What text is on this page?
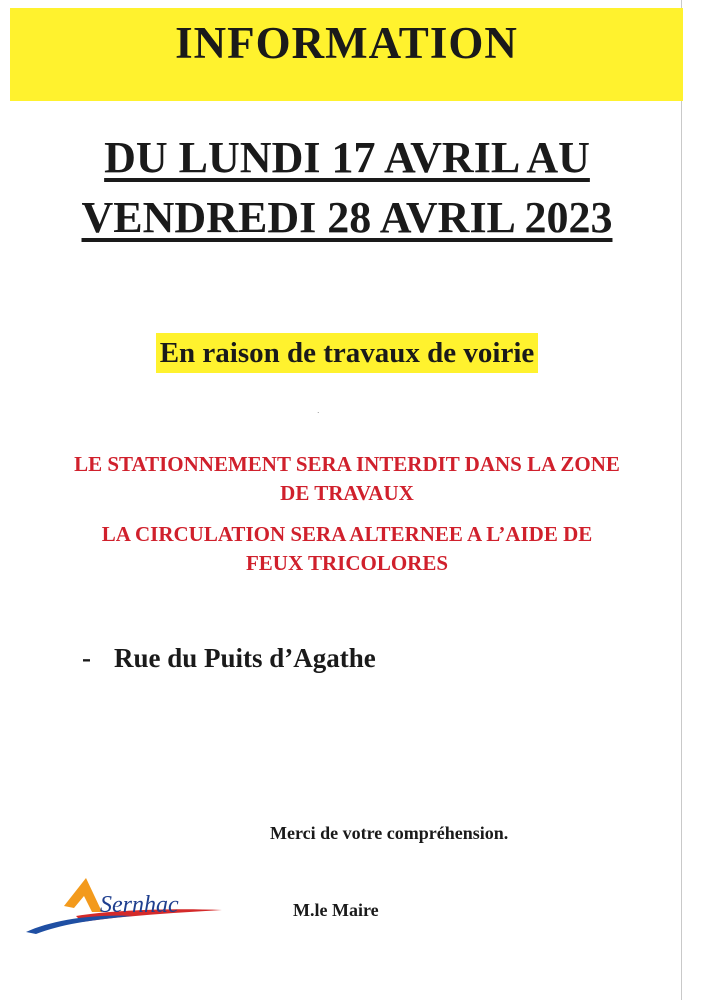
INFORMATION
DU LUNDI 17 AVRIL AU
VENDREDI 28 AVRIL 2023
En raison de travaux de voirie
˙
LE STATIONNEMENT SERA INTERDIT DANS LA ZONE
DE TRAVAUX
LA CIRCULATION SERA ALTERNEE A L’AIDE DE
FEUX TRICOLORES
- Rue du Puits d’Agathe
Merci de votre compréhension.
Sernhac	M.le Maire
